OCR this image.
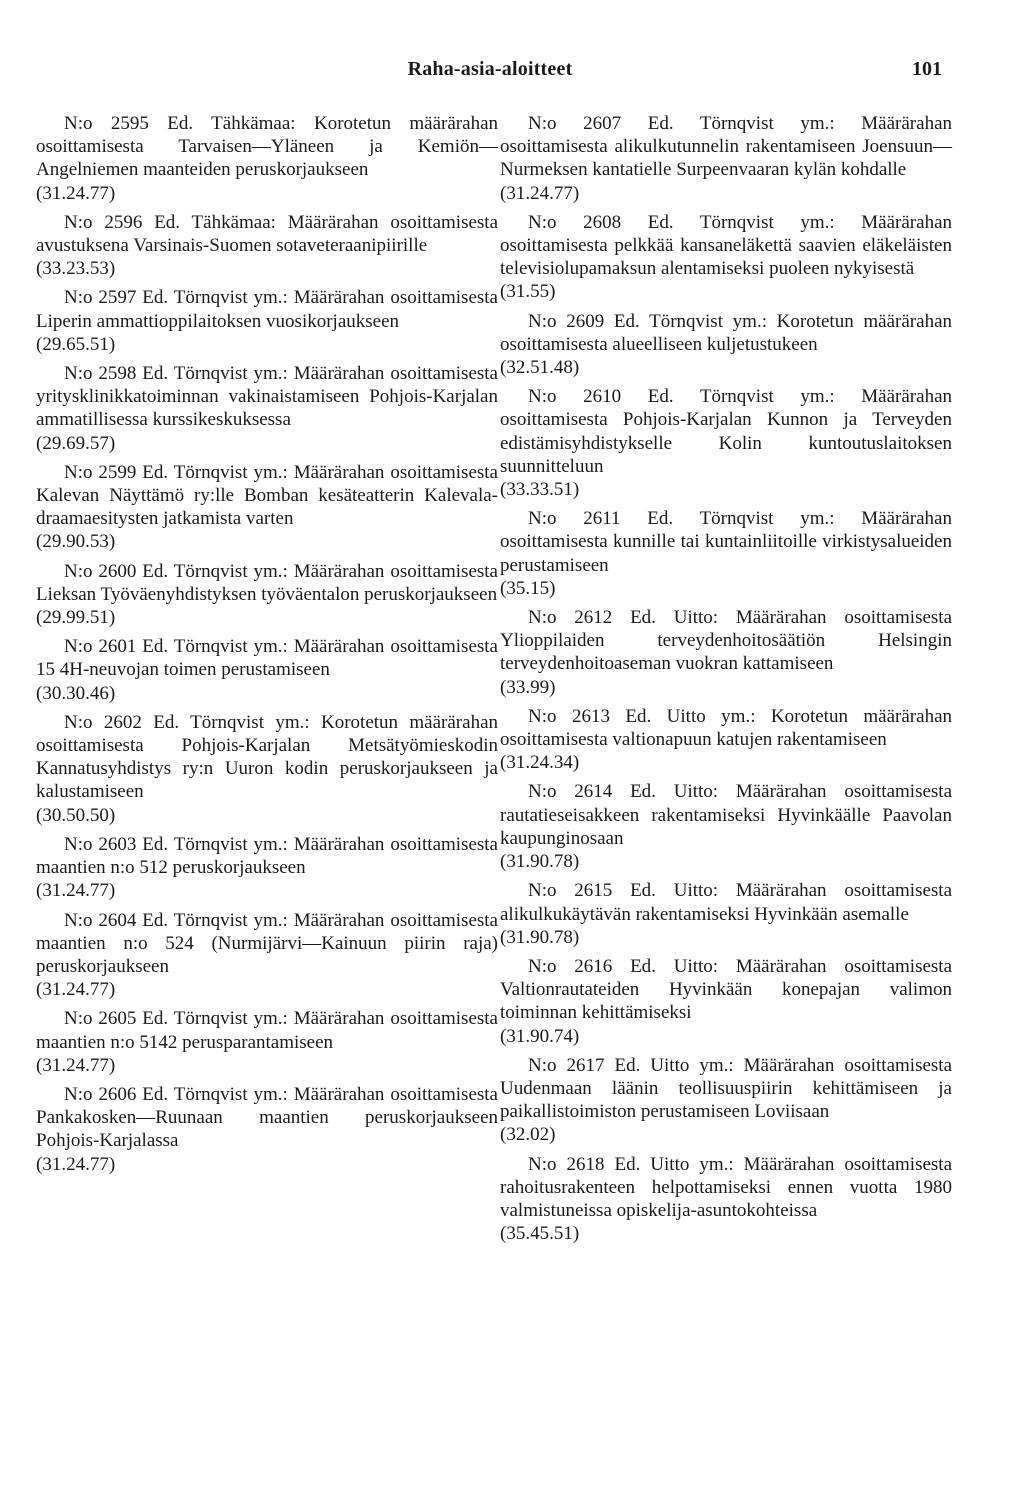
Raha-asia-aloitteet	101

N:o 2595 Ed. Tähkämaa: Korotetun määrärahan osoittamisesta Tarvaisen—Yläneen ja Kemiön—Angelniemen maanteiden peruskorjaukseen

(31.24.77)

N:o 2596 Ed. Tähkämaa: Määrärahan osoittamisesta avustuksena Varsinais-Suomen sotaveteraanipiirille

(33.23.53)

N:o 2597 Ed. Törnqvist ym.: Määrärahan osoittamisesta Liperin ammattioppilaitoksen vuosikorjaukseen

(29.65.51)

N:o 2598 Ed. Törnqvist ym.: Määrärahan osoittamisesta yritysklinikkatoiminnan vakinaistamiseen Pohjois-Karjalan ammatillisessa kurssikeskuksessa

(29.69.57)

N:o 2599 Ed. Törnqvist ym.: Määrärahan osoittamisesta Kalevan Näyttämö ry:lle Bomban kesäteatterin Kalevala-draamaesitysten jatkamista varten

(29.90.53)

N:o 2600 Ed. Törnqvist ym.: Määrärahan osoittamisesta Lieksan Työväenyhdistyksen työväentalon peruskorjaukseen

(29.99.51)

N:o 2601 Ed. Törnqvist ym.: Määrärahan osoittamisesta 15 4H-neuvojan toimen perustamiseen

(30.30.46)

N:o 2602 Ed. Törnqvist ym.: Korotetun määrärahan osoittamisesta Pohjois-Karjalan Metsätyömieskodin Kannatusyhdistys ry:n Uuron kodin peruskorjaukseen ja kalustamiseen

(30.50.50)

N:o 2603 Ed. Törnqvist ym.: Määrärahan osoittamisesta maantien n:o 512 peruskorjaukseen

(31.24.77)

N:o 2604 Ed. Törnqvist ym.: Määrärahan osoittamisesta maantien n:o 524 (Nurmijärvi—Kainuun piirin raja) peruskorjaukseen

(31.24.77)

N:o 2605 Ed. Törnqvist ym.: Määrärahan osoittamisesta maantien n:o 5142 perusparantamiseen

(31.24.77)

N:o 2606 Ed. Törnqvist ym.: Määrärahan osoittamisesta Pankakosken—Ruunaan maantien peruskorjaukseen Pohjois-Karjalassa

(31.24.77)

N:o 2607 Ed. Törnqvist ym.: Määrärahan osoittamisesta alikulkutunnelin rakentamiseen Joensuun—Nurmeksen kantatielle Surpeenvaaran kylän kohdalle

(31.24.77)

N:o 2608 Ed. Törnqvist ym.: Määrärahan osoittamisesta pelkkää kansaneläkettä saavien eläkeläisten televisiolupamaksun alentamiseksi puoleen nykyisestä

(31.55)

N:o 2609 Ed. Törnqvist ym.: Korotetun määrärahan osoittamisesta alueelliseen kuljetustukeen

(32.51.48)

N:o 2610 Ed. Törnqvist ym.: Määrärahan osoittamisesta Pohjois-Karjalan Kunnon ja Terveyden edistämisyhdistykselle Kolin kuntoutuslaitoksen suunnitteluun

(33.33.51)

N:o 2611 Ed. Törnqvist ym.: Määrärahan osoittamisesta kunnille tai kuntainliitoille virkistysalueiden perustamiseen

(35.15)

N:o 2612 Ed. Uitto: Määrärahan osoittamisesta Ylioppilaiden terveydenhoitosäätiön Helsingin terveydenhoitoaseman vuokran kattamiseen

(33.99)

N:o 2613 Ed. Uitto ym.: Korotetun määrärahan osoittamisesta valtionapuun katujen rakentamiseen

(31.24.34)

N:o 2614 Ed. Uitto: Määrärahan osoittamisesta rautatieseisakkeen rakentamiseksi Hyvinkäälle Paavolan kaupunginosaan

(31.90.78)

N:o 2615 Ed. Uitto: Määrärahan osoittamisesta alikulkukäytävän rakentamiseksi Hyvinkään asemalle

(31.90.78)

N:o 2616 Ed. Uitto: Määrärahan osoittamisesta Valtionrautateiden Hyvinkään konepajan valimon toiminnan kehittämiseksi

(31.90.74)

N:o 2617 Ed. Uitto ym.: Määrärahan osoittamisesta Uudenmaan läänin teollisuuspiirin kehittämiseen ja paikallistoimiston perustamiseen Loviisaan

(32.02)

N:o 2618 Ed. Uitto ym.: Määrärahan osoittamisesta rahoitusrakenteen helpottamiseksi ennen vuotta 1980 valmistuneissa opiskelija-asuntokohteissa

(35.45.51)
